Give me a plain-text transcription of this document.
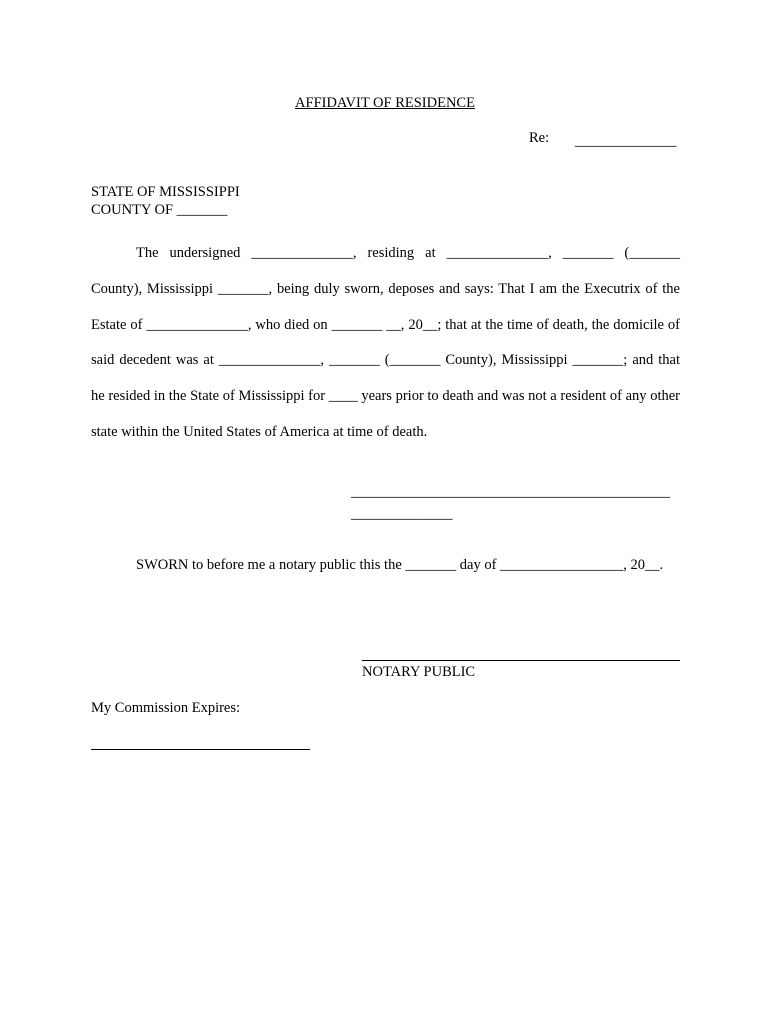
AFFIDAVIT OF RESIDENCE
Re: ______________
STATE OF MISSISSIPPI
COUNTY OF _______
The undersigned ______________, residing at ______________, _______ (_______ County), Mississippi _______, being duly sworn, deposes and says: That I am the Executrix of the Estate of ______________, who died on _______ __, 20__; that at the time of death, the domicile of said decedent was at ______________, _______ (_______ County), Mississippi _______; and that he resided in the State of Mississippi for ____ years prior to death and was not a resident of any other state within the United States of America at time of death.
____________________________________________
______________
SWORN to before me a notary public this the _______ day of _________________, 20__.
NOTARY PUBLIC
My Commission Expires:
